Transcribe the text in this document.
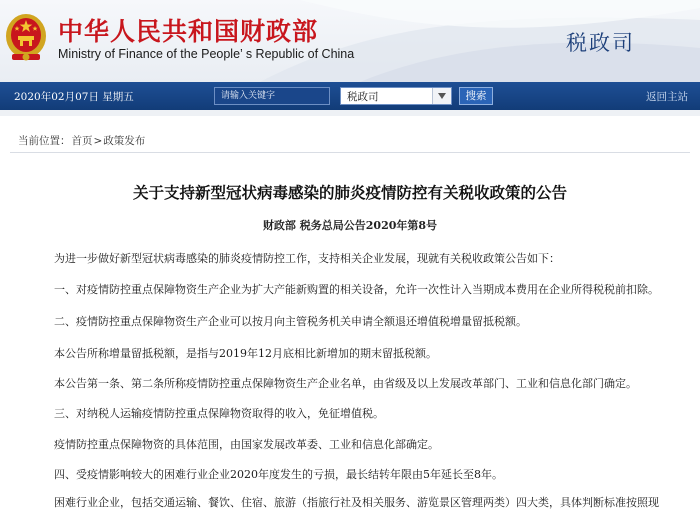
中华人民共和国财政部
Ministry of Finance of the People’ s Republic of China	税政司
2020年02月07日 星期五
请输入关键字	税政司	搜索	返回主站
当前位置：首页>政策发布
关于支持新型冠状病毒感染的肺炎疫情防控有关税收政策的公告
财政部 税务总局公告2020年第8号
为进一步做好新型冠状病毒感染的肺炎疫情防控工作，支持相关企业发展，现就有关税收政策公告如下：
一、对疫情防控重点保障物资生产企业为扩大产能新购置的相关设备，允许一次性计入当期成本费用在企业所得税税前扣除。
二、疫情防控重点保障物资生产企业可以按月向主管税务机关申请全额退还增值税增量留抵税额。
本公告所称增量留抵税额，是指与2019年12月底相比新增加的期末留抵税额。
本公告第一条、第二条所称疫情防控重点保障物资生产企业名单，由省级及以上发展改革部门、工业和信息化部门确定。
三、对纳税人运输疫情防控重点保障物资取得的收入，免征增值税。
疫情防控重点保障物资的具体范围，由国家发展改革委、工业和信息化部确定。
四、受疫情影响较大的困难行业企业2020年度发生的亏损，最长结转年限由5年延长至8年。
困难行业企业，包括交通运输、餐饮、住宿、旅游（指旅行社及相关服务、游览景区管理两类）四大类，具体判断标准按照现
